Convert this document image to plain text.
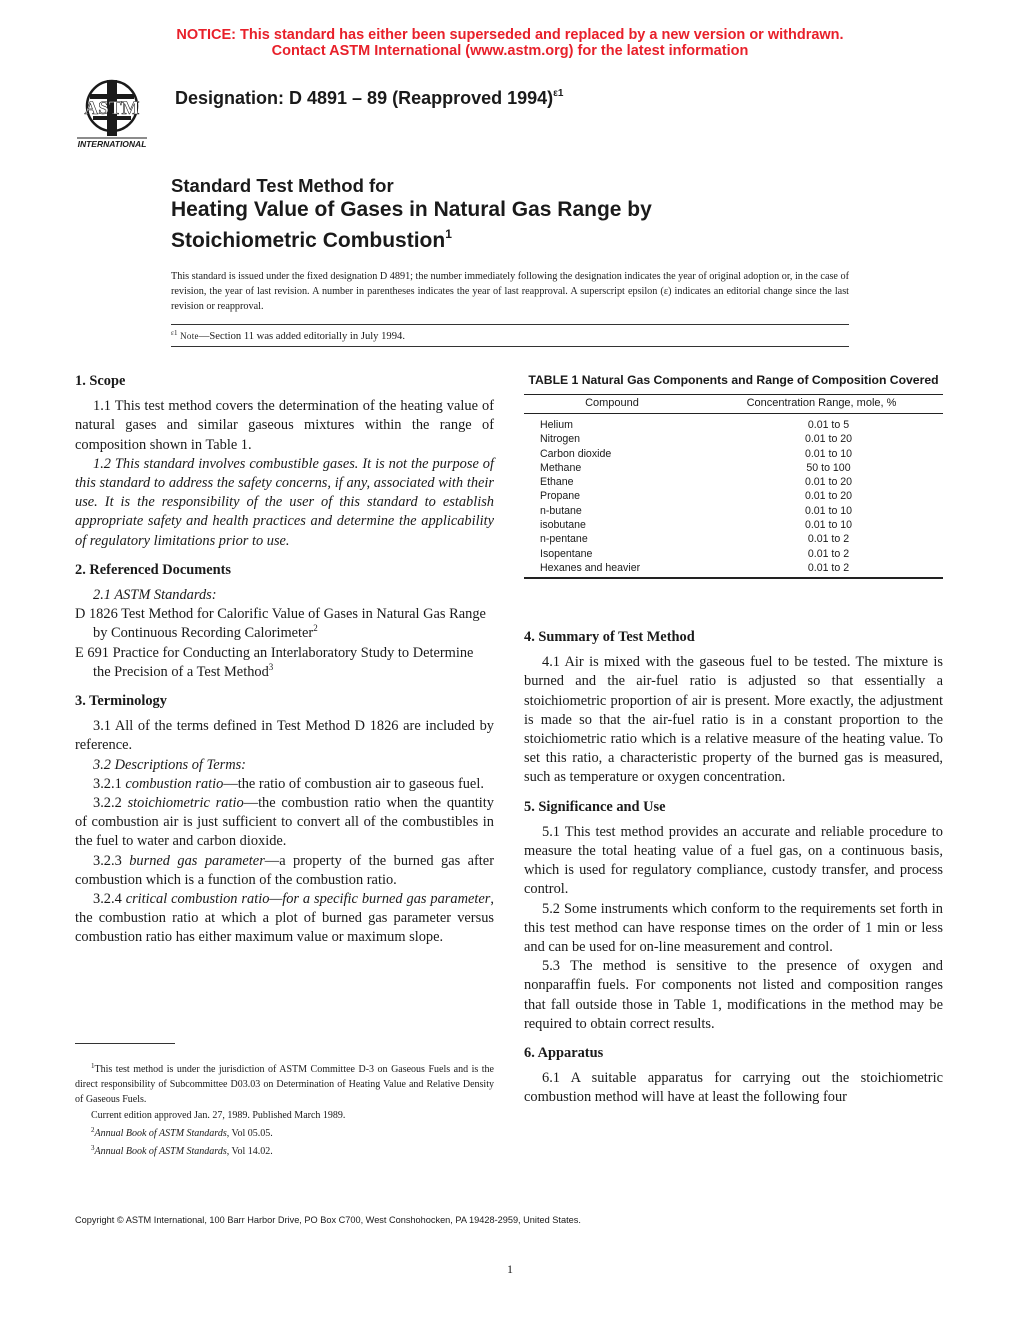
NOTICE: This standard has either been superseded and replaced by a new version or withdrawn.
Contact ASTM International (www.astm.org) for the latest information
ASTM
INTERNATIONAL
Designation: D 4891 – 89 (Reapproved 1994)$^{\varepsilon 1}$
Standard Test Method for
Heating Value of Gases in Natural Gas Range by
Stoichiometric Combustion$^1$
This standard is issued under the fixed designation D 4891; the number immediately following the designation indicates the year of original adoption or, in the case of revision, the year of last revision. A number in parentheses indicates the year of last reapproval. A superscript epsilon (ε) indicates an editorial change since the last revision or reapproval.
$^{\varepsilon 1}$ Note—Section 11 was added editorially in July 1994.
1. Scope

1.1 This test method covers the determination of the heating value of natural gases and similar gaseous mixtures within the range of composition shown in Table 1.

1.2 This standard involves combustible gases. It is not the purpose of this standard to address the safety concerns, if any, associated with their use. It is the responsibility of the user of this standard to establish appropriate safety and health practices and determine the applicability of regulatory limitations prior to use.

2. Referenced Documents

2.1 ASTM Standards:

D 1826 Test Method for Calorific Value of Gases in Natural Gas Range by Continuous Recording Calorimeter$^2$

E 691 Practice for Conducting an Interlaboratory Study to Determine the Precision of a Test Method$^3$

3. Terminology

3.1 All of the terms defined in Test Method D 1826 are included by reference.

3.2 Descriptions of Terms:

3.2.1 combustion ratio—the ratio of combustion air to gaseous fuel.

3.2.2 stoichiometric ratio—the combustion ratio when the quantity of combustion air is just sufficient to convert all of the combustibles in the fuel to water and carbon dioxide.

3.2.3 burned gas parameter—a property of the burned gas after combustion which is a function of the combustion ratio.

3.2.4 critical combustion ratio—for a specific burned gas parameter, the combustion ratio at which a plot of burned gas parameter versus combustion ratio has either maximum value or maximum slope.

TABLE 1 Natural Gas Components and Range of Composition Covered
Compound	Concentration Range, mole, %
Helium	0.01 to 5
Nitrogen	0.01 to 20
Carbon dioxide	0.01 to 10
Methane	50 to 100
Ethane	0.01 to 20
Propane	0.01 to 20
n-butane	0.01 to 10
isobutane	0.01 to 10
n-pentane	0.01 to 2
Isopentane	0.01 to 2
Hexanes and heavier	0.01 to 2
4. Summary of Test Method

4.1 Air is mixed with the gaseous fuel to be tested. The mixture is burned and the air-fuel ratio is adjusted so that essentially a stoichiometric proportion of air is present. More exactly, the adjustment is made so that the air-fuel ratio is in a constant proportion to the stoichiometric ratio which is a relative measure of the heating value. To set this ratio, a characteristic property of the burned gas is measured, such as temperature or oxygen concentration.

5. Significance and Use

5.1 This test method provides an accurate and reliable procedure to measure the total heating value of a fuel gas, on a continuous basis, which is used for regulatory compliance, custody transfer, and process control.

5.2 Some instruments which conform to the requirements set forth in this test method can have response times on the order of 1 min or less and can be used for on-line measurement and control.

5.3 The method is sensitive to the presence of oxygen and nonparaffin fuels. For components not listed and composition ranges that fall outside those in Table 1, modifications in the method may be required to obtain correct results.

6. Apparatus

6.1 A suitable apparatus for carrying out the stoichiometric combustion method will have at least the following four

$^1$This test method is under the jurisdiction of ASTM Committee D-3 on Gaseous Fuels and is the direct responsibility of Subcommittee D03.03 on Determination of Heating Value and Relative Density of Gaseous Fuels.

Current edition approved Jan. 27, 1989. Published March 1989.

$^2$Annual Book of ASTM Standards, Vol 05.05.

$^3$Annual Book of ASTM Standards, Vol 14.02.

Copyright © ASTM International, 100 Barr Harbor Drive, PO Box C700, West Conshohocken, PA 19428-2959, United States.
1
